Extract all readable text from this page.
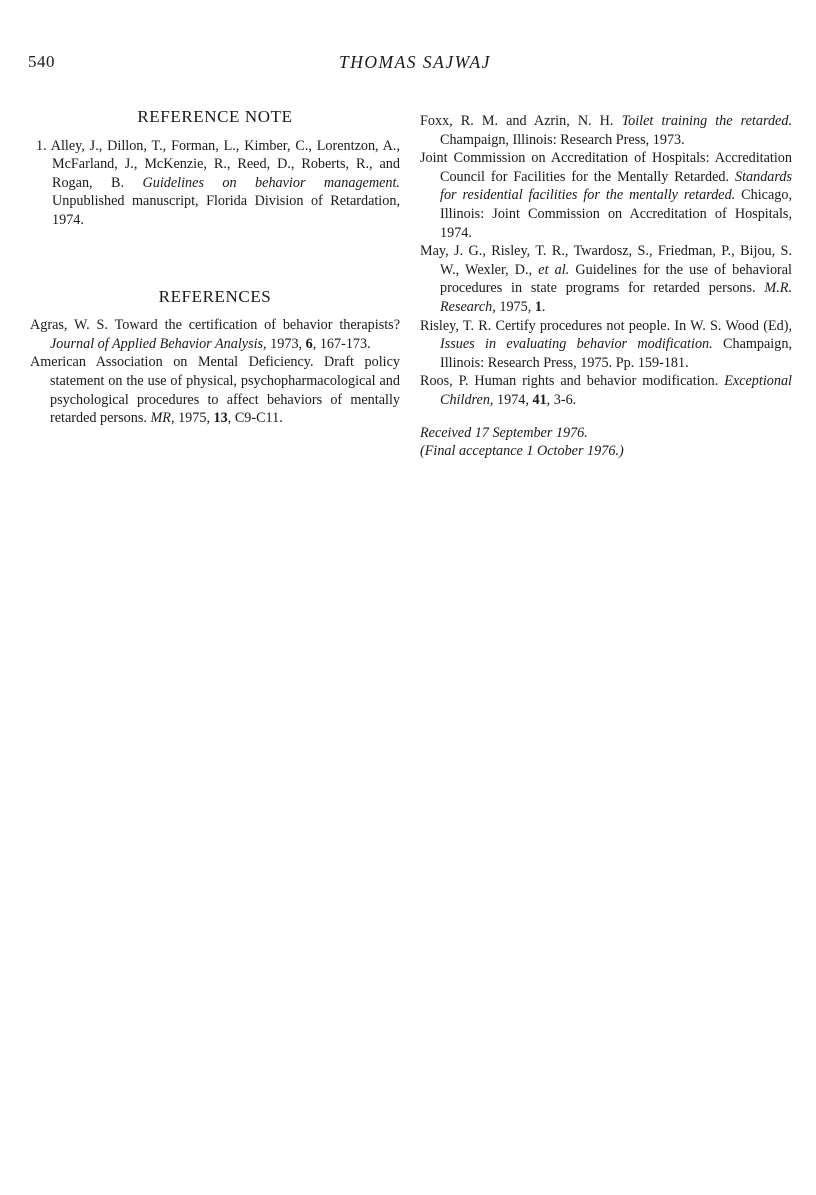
540	THOMAS SAJWAJ
REFERENCE NOTE

1. Alley, J., Dillon, T., Forman, L., Kimber, C., Lorentzon, A., McFarland, J., McKenzie, R., Reed, D., Roberts, R., and Rogan, B. Guidelines on behavior management. Unpublished manuscript, Florida Division of Retardation, 1974.

REFERENCES

Agras, W. S. Toward the certification of behavior therapists? Journal of Applied Behavior Analysis, 1973, 6, 167-173.

American Association on Mental Deficiency. Draft policy statement on the use of physical, psychopharmacological and psychological procedures to affect behaviors of mentally retarded persons. MR, 1975, 13, C9-C11.

Foxx, R. M. and Azrin, N. H. Toilet training the retarded. Champaign, Illinois: Research Press, 1973.

Joint Commission on Accreditation of Hospitals: Accreditation Council for Facilities for the Mentally Retarded. Standards for residential facilities for the mentally retarded. Chicago, Illinois: Joint Commission on Accreditation of Hospitals, 1974.

May, J. G., Risley, T. R., Twardosz, S., Friedman, P., Bijou, S. W., Wexler, D., et al. Guidelines for the use of behavioral procedures in state programs for retarded persons. M.R. Research, 1975, 1.

Risley, T. R. Certify procedures not people. In W. S. Wood (Ed), Issues in evaluating behavior modification. Champaign, Illinois: Research Press, 1975. Pp. 159-181.

Roos, P. Human rights and behavior modification. Exceptional Children, 1974, 41, 3-6.

Received 17 September 1976.

(Final acceptance 1 October 1976.)
